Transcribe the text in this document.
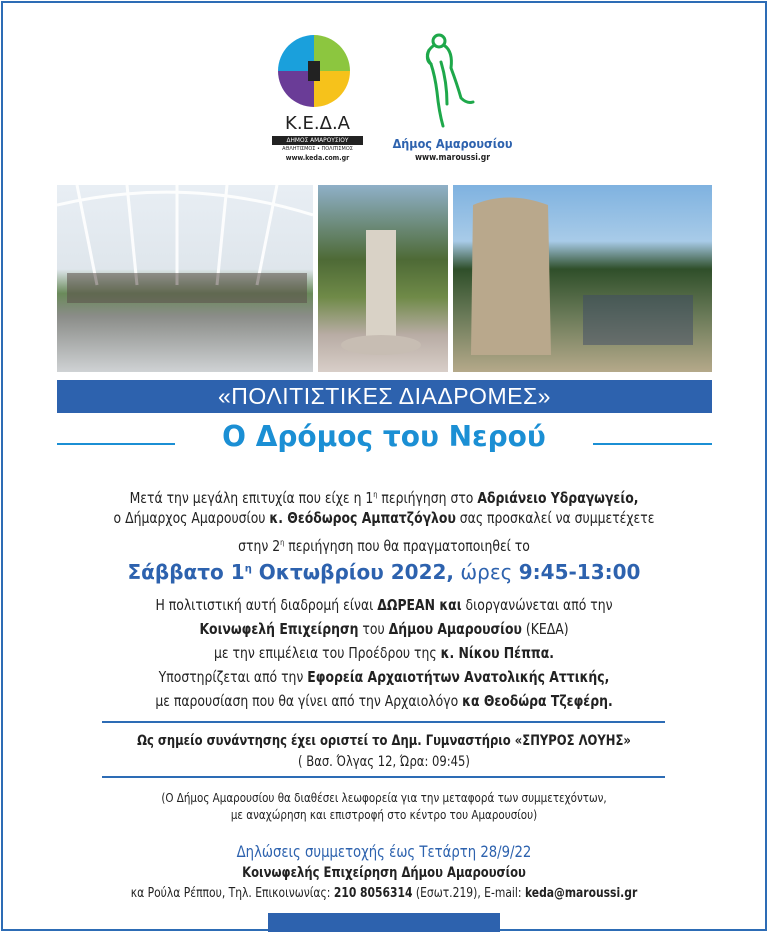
Κ.Ε.Δ.Α
ΔΗΜΟΣ ΑΜΑΡΟΥΣΙΟΥ
ΑΘΛΗΤΙΣΜΟΣ • ΠΟΛΙΤΙΣΜΟΣ
www.keda.com.gr
Δήμος Αμαρουσίου
www.maroussi.gr
«ΠΟΛΙΤΙΣΤΙΚΕΣ ΔΙΑΔΡΟΜΕΣ»
Ο Δρόμος του Νερού
Μετά την μεγάλη επιτυχία που είχε η $1^\eta$ περιήγηση στο Αδριάνειο Υδραγωγείο,
ο Δήμαρχος Αμαρουσίου κ. Θεόδωρος Αμπατζόγλου σας προσκαλεί να συμμετέχετε
στην $2^\eta$ περιήγηση που θα πραγματοποιηθεί το
Σάββατο $1^\eta$ Οκτωβρίου 2022, ώρες 9:45-13:00
Η πολιτιστική αυτή διαδρομή είναι ΔΩΡΕΑΝ και διοργανώνεται από την
Κοινωφελή Επιχείρηση του Δήμου Αμαρουσίου (ΚΕΔΑ)
με την επιμέλεια του Προέδρου της κ. Νίκου Πέππα.
Υποστηρίζεται από την Εφορεία Αρχαιοτήτων Ανατολικής Αττικής,
με παρουσίαση που θα γίνει από την Αρχαιολόγο κα Θεοδώρα Τζεφέρη.
Ως σημείο συνάντησης έχει οριστεί το Δημ. Γυμναστήριο «ΣΠΥΡΟΣ ΛΟΥΗΣ»
( Βασ. Όλγας 12, Ώρα: 09:45)
(Ο Δήμος Αμαρουσίου θα διαθέσει λεωφορεία για την μεταφορά των συμμετεχόντων,
με αναχώρηση και επιστροφή στο κέντρο του Αμαρουσίου)
Δηλώσεις συμμετοχής έως Τετάρτη 28/9/22
Κοινωφελής Επιχείρηση Δήμου Αμαρουσίου
κα Ρούλα Ρέππου, Τηλ. Επικοινωνίας: 210 8056314 (Εσωτ.219), E-mail: keda@maroussi.gr
